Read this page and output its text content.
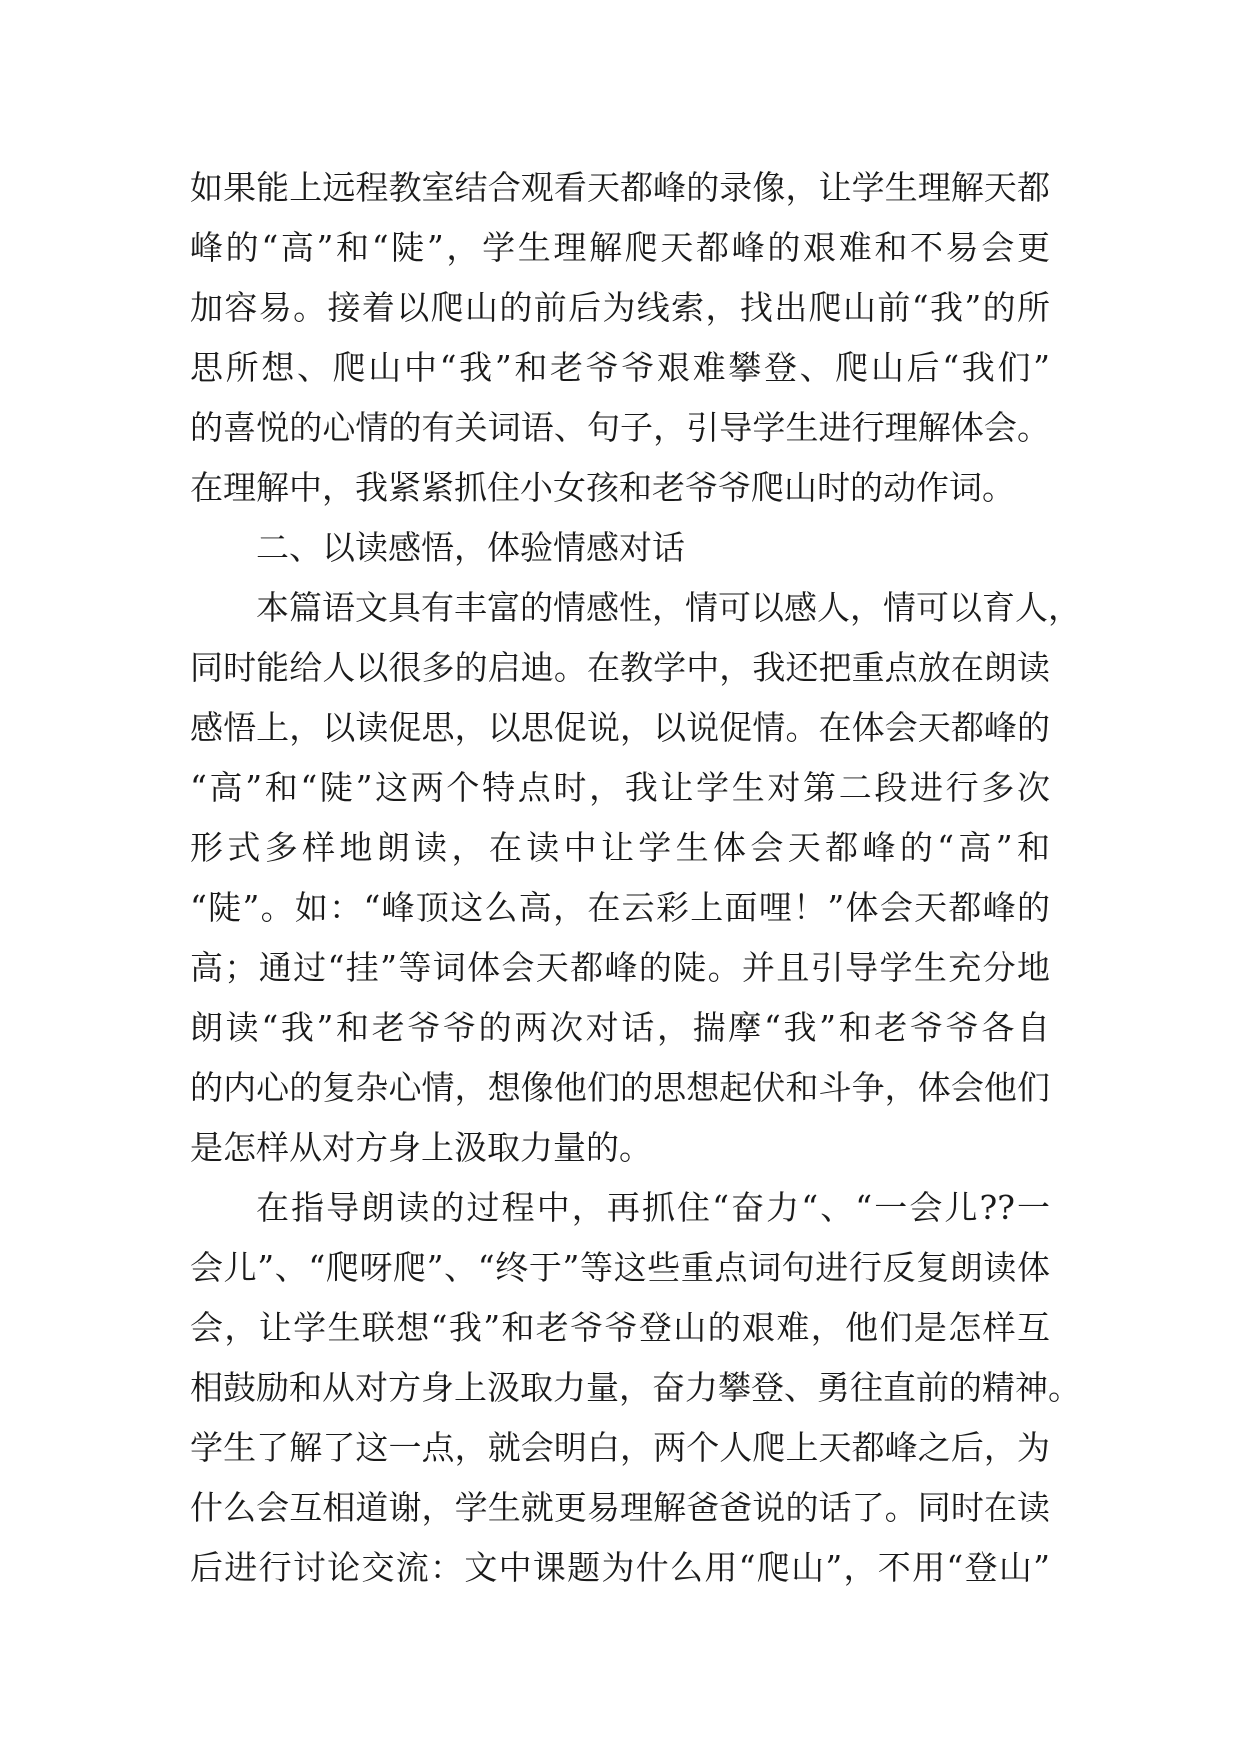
如果能上远程教室结合观看天都峰的录像，让学生理解天都
峰的“高”和“陡”，学生理解爬天都峰的艰难和不易会更
加容易。接着以爬山的前后为线索，找出爬山前“我”的所
思所想、爬山中“我”和老爷爷艰难攀登、爬山后“我们”
的喜悦的心情的有关词语、句子，引导学生进行理解体会。
在理解中，我紧紧抓住小女孩和老爷爷爬山时的动作词。
二、以读感悟，体验情感对话
本篇语文具有丰富的情感性，情可以感人，情可以育人，
同时能给人以很多的启迪。在教学中，我还把重点放在朗读
感悟上，以读促思，以思促说，以说促情。在体会天都峰的
“高”和“陡”这两个特点时，我让学生对第二段进行多次
形式多样地朗读，在读中让学生体会天都峰的“高”和
“陡”。如：“峰顶这么高，在云彩上面哩！”体会天都峰的
高；通过“挂”等词体会天都峰的陡。并且引导学生充分地
朗读“我”和老爷爷的两次对话，揣摩“我”和老爷爷各自
的内心的复杂心情，想像他们的思想起伏和斗争，体会他们
是怎样从对方身上汲取力量的。
在指导朗读的过程中，再抓住“奋力“、“一会儿??一
会儿”、“爬呀爬”、“终于”等这些重点词句进行反复朗读体
会，让学生联想“我”和老爷爷登山的艰难，他们是怎样互
相鼓励和从对方身上汲取力量，奋力攀登、勇往直前的精神。
学生了解了这一点，就会明白，两个人爬上天都峰之后，为
什么会互相道谢，学生就更易理解爸爸说的话了。同时在读
后进行讨论交流：文中课题为什么用“爬山”，不用“登山”
